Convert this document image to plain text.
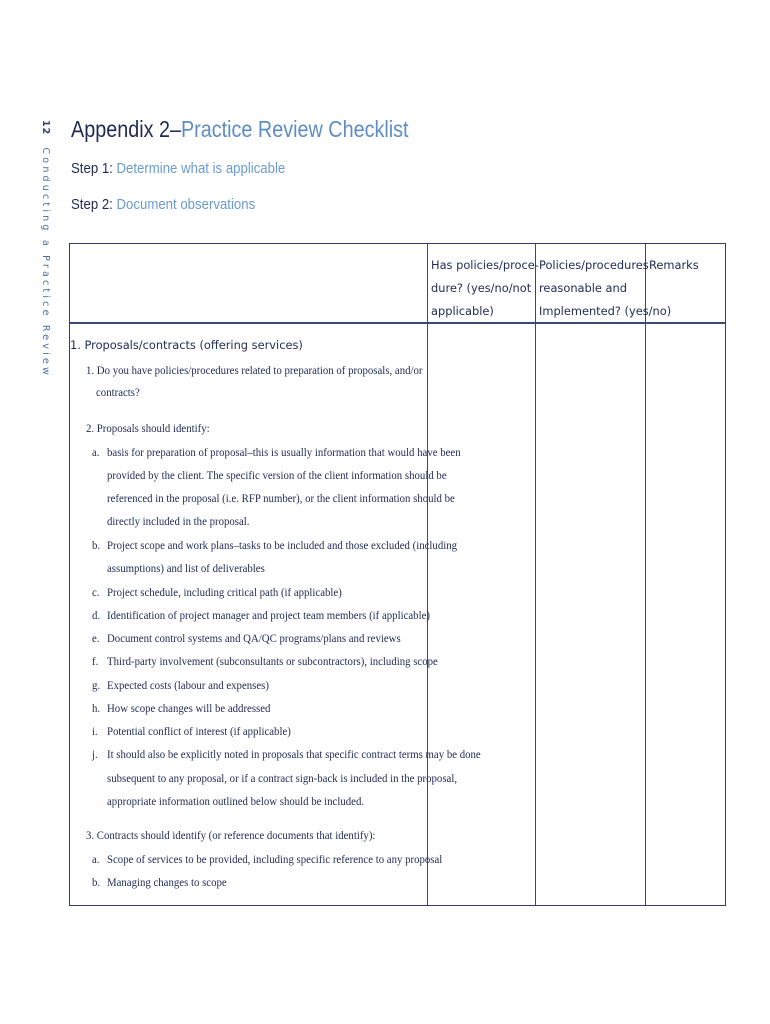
12 Conducting a Practice Review
Appendix 2–Practice Review Checklist
Step 1: Determine what is applicable
Step 2: Document observations
Has policies/proce-
dure? (yes/no/not
applicable)
Policies/procedures
reasonable and
Implemented? (yes/no)
Remarks
1. Proposals/contracts (offering services)
1. Do you have policies/procedures related to preparation of proposals, and/or
contracts?
2. Proposals should identify:
a. basis for preparation of proposal–this is usually information that would have been
provided by the client. The specific version of the client information should be
referenced in the proposal (i.e. RFP number), or the client information should be
directly included in the proposal.
b. Project scope and work plans–tasks to be included and those excluded (including
assumptions) and list of deliverables
c. Project schedule, including critical path (if applicable)
d. Identification of project manager and project team members (if applicable)
e. Document control systems and QA/QC programs/plans and reviews
f. Third-party involvement (subconsultants or subcontractors), including scope
g. Expected costs (labour and expenses)
h. How scope changes will be addressed
i. Potential conflict of interest (if applicable)
j. It should also be explicitly noted in proposals that specific contract terms may be done
subsequent to any proposal, or if a contract sign-back is included in the proposal,
appropriate information outlined below should be included.
3. Contracts should identify (or reference documents that identify):
a. Scope of services to be provided, including specific reference to any proposal
b. Managing changes to scope
